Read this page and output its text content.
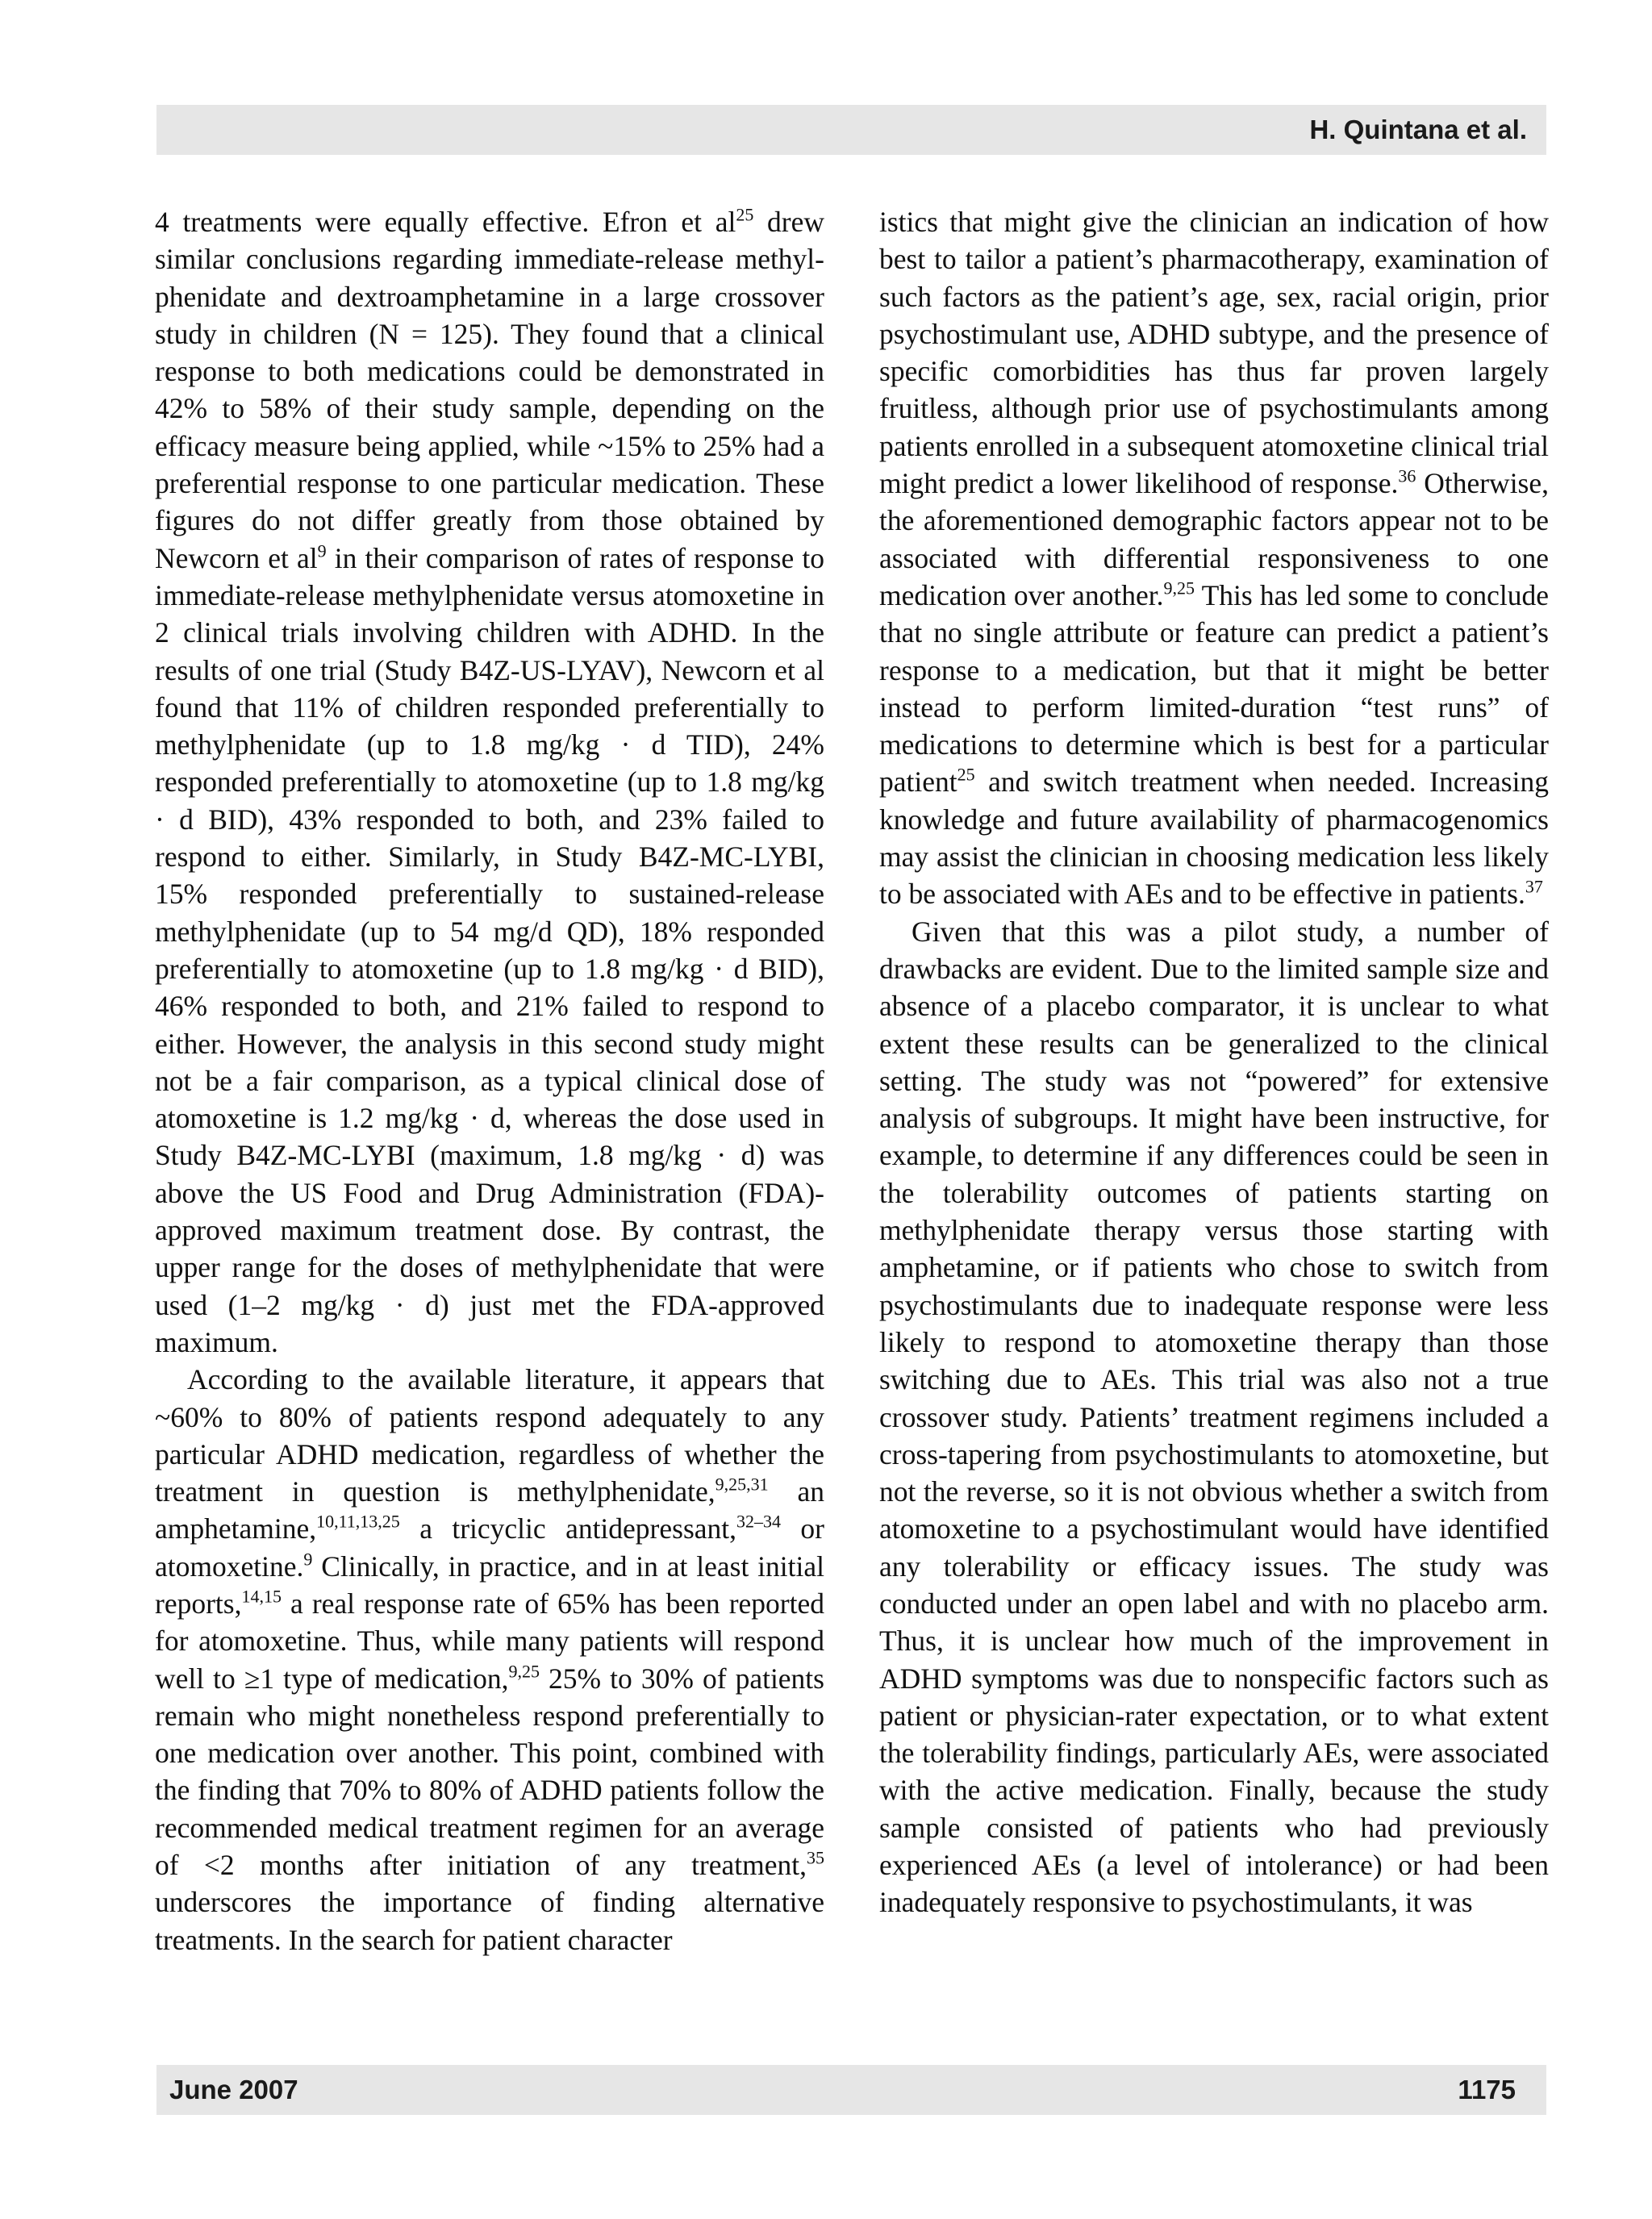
H. Quintana et al.

4 treatments were equally effective. Efron et $al^{25}$ drew similar conclusions regarding immediate-release methylphenidate and dextroamphetamine in a large crossover study in children (N = 125). They found that a clinical response to both medications could be demonstrated in 42% to 58% of their study sample, depending on the efficacy measure being applied, while ~15% to 25% had a preferential response to one particular medication. These figures do not differ greatly from those obtained by Newcorn et $al^9$ in their comparison of rates of response to immediate-release methylphenidate versus atomoxetine in 2 clinical trials involving children with ADHD. In the results of one trial (Study B4Z-US-LYAV), Newcorn et al found that 11% of children responded preferentially to methylphenidate (up to 1.8 mg/kg · d TID), 24% responded preferentially to atomoxetine (up to 1.8 mg/kg · d BID), 43% responded to both, and 23% failed to respond to either. Similarly, in Study B4Z-MC-LYBI, 15% responded preferentially to sustained-release methylphenidate (up to 54 mg/d QD), 18% responded preferentially to atomoxetine (up to 1.8 mg/kg · d BID), 46% responded to both, and 21% failed to respond to either. However, the analysis in this second study might not be a fair comparison, as a typical clinical dose of atomoxetine is 1.2 mg/kg · d, whereas the dose used in Study B4Z-MC-LYBI (maximum, 1.8 mg/kg · d) was above the US Food and Drug Administration (FDA)-approved maximum treatment dose. By contrast, the upper range for the doses of methylphenidate that were used (1–2 mg/kg · d) just met the FDA-approved maximum.

According to the available literature, it appears that ~60% to 80% of patients respond adequately to any particular ADHD medication, regardless of whether the treatment in question is methylphenidate,$^{9,25,31}$ an amphetamine,$^{10,11,13,25}$ a tricyclic antidepressant,$^{32-34}$ or atomoxetine.$^9$ Clinically, in practice, and in at least initial reports,$^{14,15}$ a real response rate of 65% has been reported for atomoxetine. Thus, while many patients will respond well to ≥1 type of medication,$^{9,25}$ 25% to 30% of patients remain who might nonetheless respond preferentially to one medication over another. This point, combined with the finding that 70% to 80% of ADHD patients follow the recommended medical treatment regimen for an average of <2 months after initiation of any treatment,$^{35}$ underscores the importance of finding alternative treatments. In the search for patient character

istics that might give the clinician an indication of how best to tailor a patient’s pharmacotherapy, examination of such factors as the patient’s age, sex, racial origin, prior psychostimulant use, ADHD subtype, and the presence of specific comorbidities has thus far proven largely fruitless, although prior use of psychostimulants among patients enrolled in a subsequent atomoxetine clinical trial might predict a lower likelihood of response.$^{36}$ Otherwise, the aforementioned demographic factors appear not to be associated with differential responsiveness to one medication over another.$^{9,25}$ This has led some to conclude that no single attribute or feature can predict a patient’s response to a medication, but that it might be better instead to perform limited-duration “test runs” of medications to determine which is best for a particular patient$^{25}$ and switch treatment when needed. Increasing knowledge and future availability of pharmacogenomics may assist the clinician in choosing medication less likely to be associated with AEs and to be effective in patients.$^{37}$

Given that this was a pilot study, a number of drawbacks are evident. Due to the limited sample size and absence of a placebo comparator, it is unclear to what extent these results can be generalized to the clinical setting. The study was not “powered” for extensive analysis of subgroups. It might have been instructive, for example, to determine if any differences could be seen in the tolerability outcomes of patients starting on methylphenidate therapy versus those starting with amphetamine, or if patients who chose to switch from psychostimulants due to inadequate response were less likely to respond to atomoxetine therapy than those switching due to AEs. This trial was also not a true crossover study. Patients’ treatment regimens included a cross-tapering from psychostimulants to atomoxetine, but not the reverse, so it is not obvious whether a switch from atomoxetine to a psychostimulant would have identified any tolerability or efficacy issues. The study was conducted under an open label and with no placebo arm. Thus, it is unclear how much of the improvement in ADHD symptoms was due to nonspecific factors such as patient or physician-rater expectation, or to what extent the tolerability findings, particularly AEs, were associated with the active medication. Finally, because the study sample consisted of patients who had previously experienced AEs (a level of intolerance) or had been inadequately responsive to psychostimulants, it was

June 2007	1175
